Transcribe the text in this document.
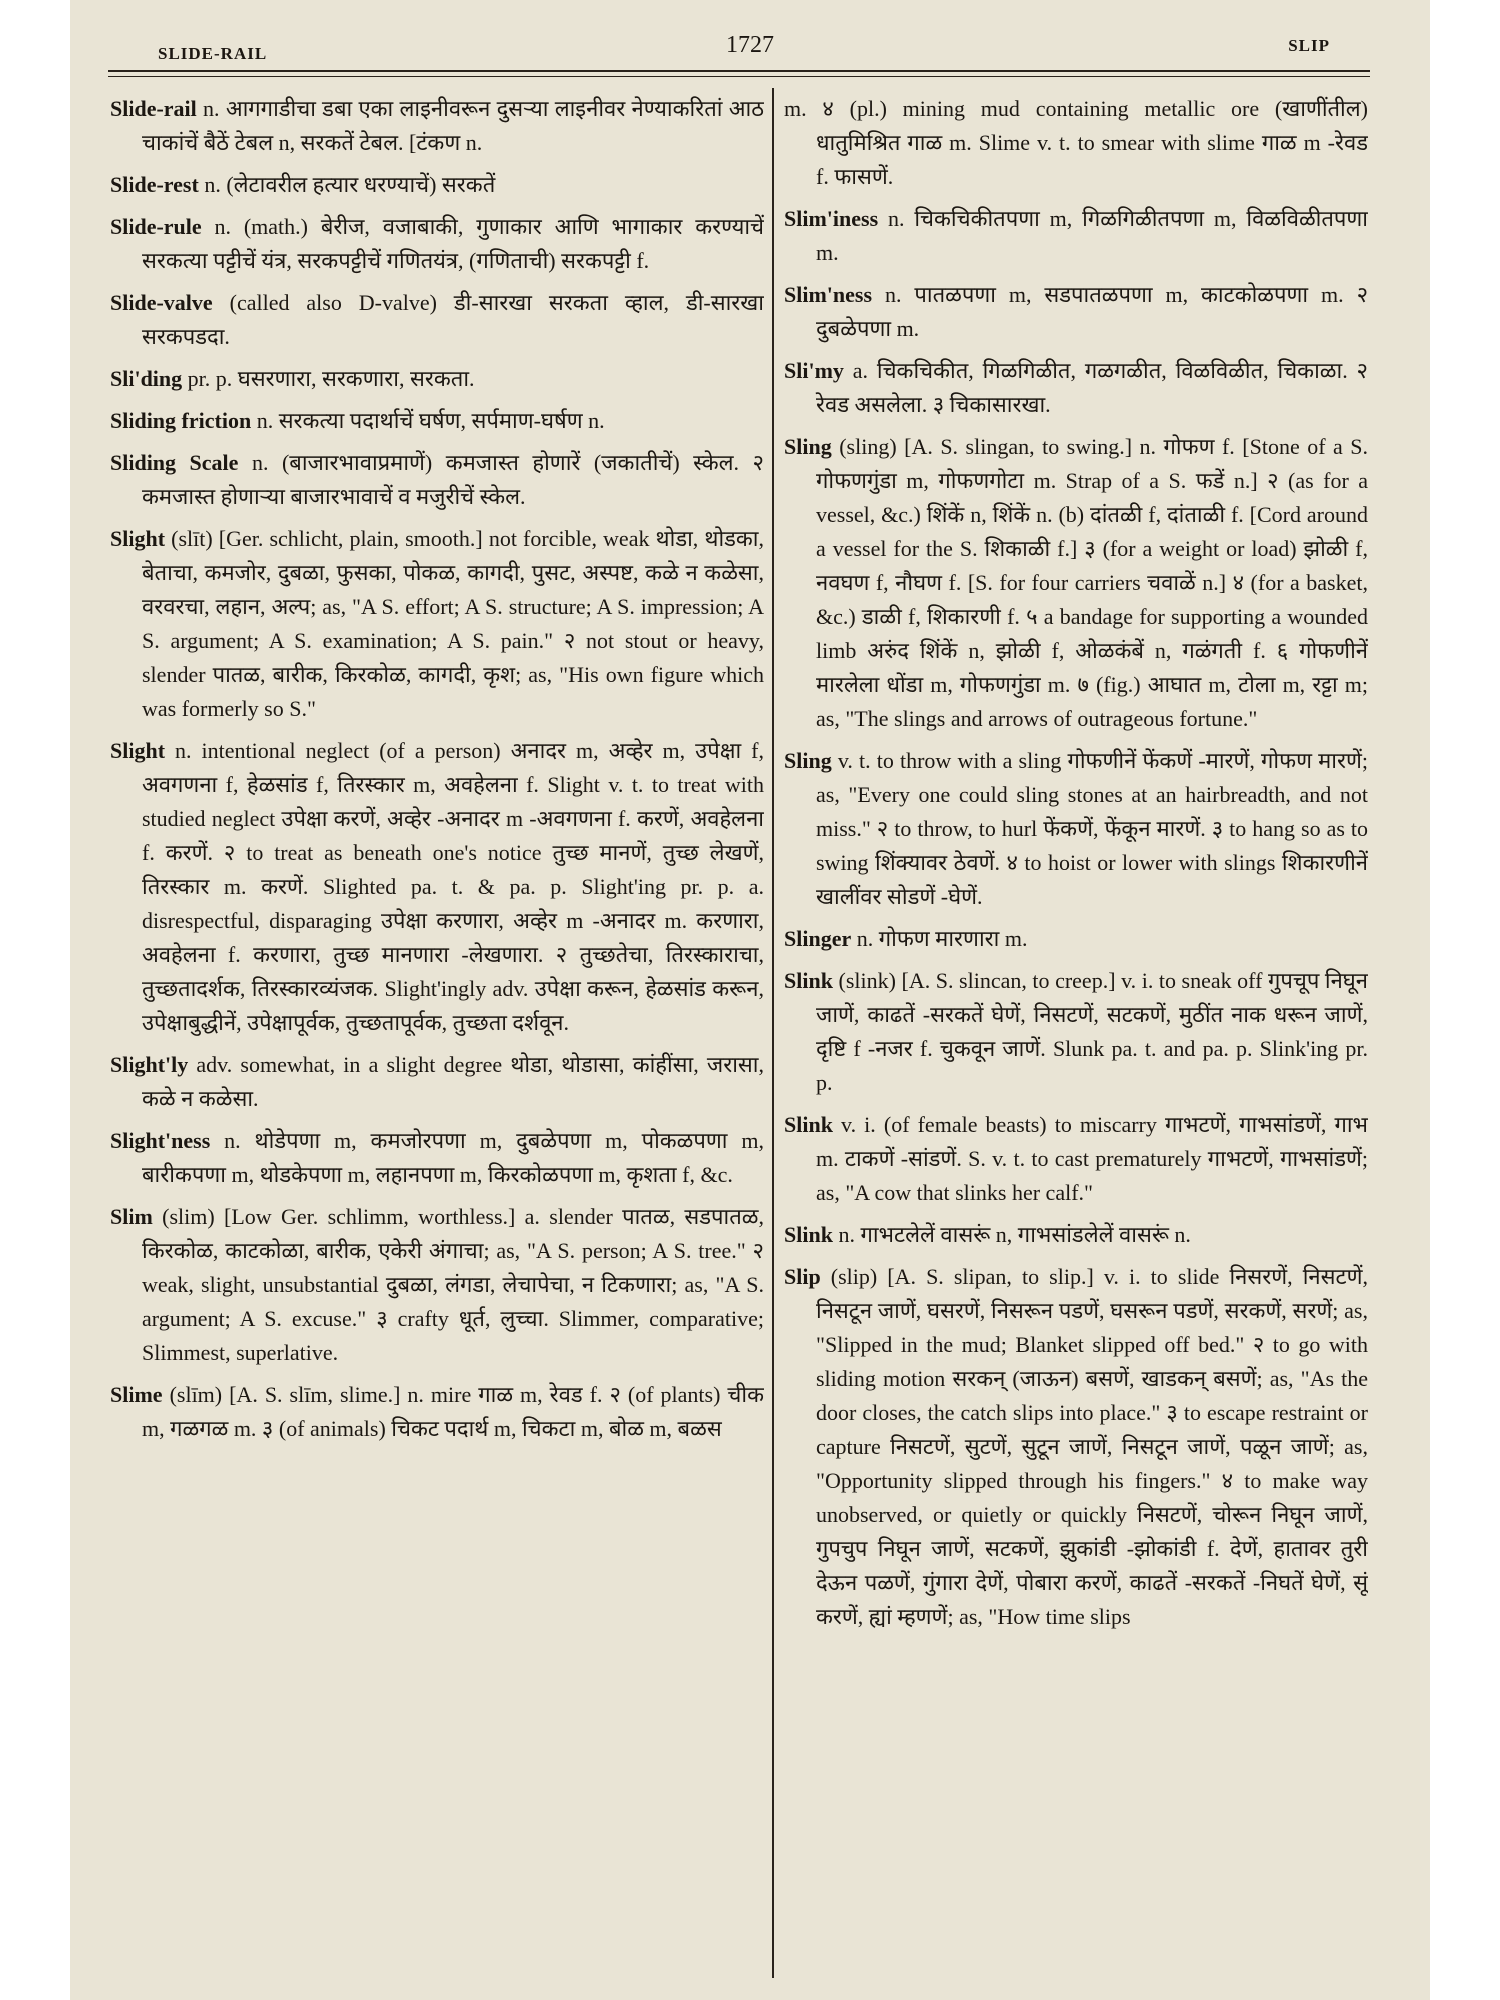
SLIDE-RAIL	1727	SLIP
Slide-rail n. आगगाडीचा डबा एका लाइनीवरून दुसऱ्या लाइनीवर नेण्याकरितां आठ चाकांचें बैठें टेबल n, सरकतें टेबल. [टंकण n.
Slide-rest n. (लेटावरील हत्यार धरण्याचें) सरकतें
Slide-rule n. (math.) बेरीज, वजाबाकी, गुणाकार आणि भागाकार करण्याचें सरकत्या पट्टीचें यंत्र, सरकपट्टीचें गणितयंत्र, (गणिताची) सरकपट्टी f.
Slide-valve (called also D-valve) डी-सारखा सरकता व्हाल, डी-सारखा सरकपडदा.
Sli'ding pr. p. घसरणारा, सरकणारा, सरकता.
Sliding friction n. सरकत्या पदार्थाचें घर्षण, सर्पमाण-घर्षण n.
Sliding Scale n. (बाजारभावाप्रमाणें) कमजास्त होणारें (जकातीचें) स्केल. २ कमजास्त होणाऱ्या बाजारभावाचें व मजुरीचें स्केल.
Slight (slīt) [Ger. schlicht, plain, smooth.] not forcible, weak थोडा, थोडका, बेताचा, कमजोर, दुबळा, फुसका, पोकळ, कागदी, पुसट, अस्पष्ट, कळे न कळेसा, वरवरचा, लहान, अल्प; as, "A S. effort; A S. structure; A S. impression; A S. argument; A S. examination; A S. pain." २ not stout or heavy, slender पातळ, बारीक, किरकोळ, कागदी, कृश; as, "His own figure which was formerly so S."
Slight n. intentional neglect (of a person) अनादर m, अव्हेर m, उपेक्षा f, अवगणना f, हेळसांड f, तिरस्कार m, अवहेलना f. Slight v. t. to treat with studied neglect उपेक्षा करणें, अव्हेर -अनादर m -अवगणना f. करणें, अवहेलना f. करणें. २ to treat as beneath one's notice तुच्छ मानणें, तुच्छ लेखणें, तिरस्कार m. करणें. Slighted pa. t. & pa. p. Slight'ing pr. p. a. disrespectful, disparaging उपेक्षा करणारा, अव्हेर m -अनादर m. करणारा, अवहेलना f. करणारा, तुच्छ मानणारा -लेखणारा. २ तुच्छतेचा, तिरस्काराचा, तुच्छतादर्शक, तिरस्कारव्यंजक. Slight'ingly adv. उपेक्षा करून, हेळसांड करून, उपेक्षाबुद्धीनें, उपेक्षापूर्वक, तुच्छतापूर्वक, तुच्छता दर्शवून.
Slight'ly adv. somewhat, in a slight degree थोडा, थोडासा, कांहींसा, जरासा, कळे न कळेसा.
Slight'ness n. थोडेपणा m, कमजोरपणा m, दुबळेपणा m, पोकळपणा m, बारीकपणा m, थोडकेपणा m, लहानपणा m, किरकोळपणा m, कृशता f, &c.
Slim (slim) [Low Ger. schlimm, worthless.] a. slender पातळ, सडपातळ, किरकोळ, काटकोळा, बारीक, एकेरी अंगाचा; as, "A S. person; A S. tree." २ weak, slight, unsubstantial दुबळा, लंगडा, लेचापेचा, न टिकणारा; as, "A S. argument; A S. excuse." ३ crafty धूर्त, लुच्चा. Slimmer, comparative; Slimmest, superlative.
Slime (slīm) [A. S. slīm, slime.] n. mire गाळ m, रेवड f. २ (of plants) चीक m, गळगळ m. ३ (of animals) चिकट पदार्थ m, चिकटा m, बोळ m, बळस
m. ४ (pl.) mining mud containing metallic ore (खाणींतील) धातुमिश्रित गाळ m. Slime v. t. to smear with slime गाळ m -रेवड f. फासणें.
Slim'iness n. चिकचिकीतपणा m, गिळगिळीतपणा m, विळविळीतपणा m.
Slim'ness n. पातळपणा m, सडपातळपणा m, काटकोळपणा m. २ दुबळेपणा m.
Sli'my a. चिकचिकीत, गिळगिळीत, गळगळीत, विळविळीत, चिकाळा. २ रेवड असलेला. ३ चिकासारखा.
Sling (sling) [A. S. slingan, to swing.] n. गोफण f. [Stone of a S. गोफणगुंडा m, गोफणगोटा m. Strap of a S. फडें n.] २ (as for a vessel, &c.) शिंकें n, शिंकें n. (b) दांतळी f, दांताळी f. [Cord around a vessel for the S. शिकाळी f.] ३ (for a weight or load) झोळी f, नवघण f, नौघण f. [S. for four carriers चवाळें n.] ४ (for a basket, &c.) डाळी f, शिकारणी f. ५ a bandage for supporting a wounded limb अरुंद शिंकें n, झोळी f, ओळकंबें n, गळंगती f. ६ गोफणीनें मारलेला धोंडा m, गोफणगुंडा m. ७ (fig.) आघात m, टोला m, रट्टा m; as, "The slings and arrows of outrageous fortune."
Sling v. t. to throw with a sling गोफणीनें फेंकणें -मारणें, गोफण मारणें; as, "Every one could sling stones at an hairbreadth, and not miss." २ to throw, to hurl फेंकणें, फेंकून मारणें. ३ to hang so as to swing शिंक्यावर ठेवणें. ४ to hoist or lower with slings शिकारणीनें खालींवर सोडणें -घेणें.
Slinger n. गोफण मारणारा m.
Slink (slink) [A. S. slincan, to creep.] v. i. to sneak off गुपचूप निघून जाणें, काढतें -सरकतें घेणें, निसटणें, सटकणें, मुठींत नाक धरून जाणें, दृष्टि f -नजर f. चुकवून जाणें. Slunk pa. t. and pa. p. Slink'ing pr. p.
Slink v. i. (of female beasts) to miscarry गाभटणें, गाभसांडणें, गाभ m. टाकणें -सांडणें. S. v. t. to cast prematurely गाभटणें, गाभसांडणें; as, "A cow that slinks her calf."
Slink n. गाभटलेलें वासरूं n, गाभसांडलेलें वासरूं n.
Slip (slip) [A. S. slipan, to slip.] v. i. to slide निसरणें, निसटणें, निसटून जाणें, घसरणें, निसरून पडणें, घसरून पडणें, सरकणें, सरणें; as, "Slipped in the mud; Blanket slipped off bed." २ to go with sliding motion सरकन् (जाऊन) बसणें, खाडकन् बसणें; as, "As the door closes, the catch slips into place." ३ to escape restraint or capture निसटणें, सुटणें, सुटून जाणें, निसटून जाणें, पळून जाणें; as, "Opportunity slipped through his fingers." ४ to make way unobserved, or quietly or quickly निसटणें, चोरून निघून जाणें, गुपचुप निघून जाणें, सटकणें, झुकांडी -झोकांडी f. देणें, हातावर तुरी देऊन पळणें, गुंगारा देणें, पोबारा करणें, काढतें -सरकतें -निघतें घेणें, सूं करणें, ह्यां म्हणणें; as, "How time slips
